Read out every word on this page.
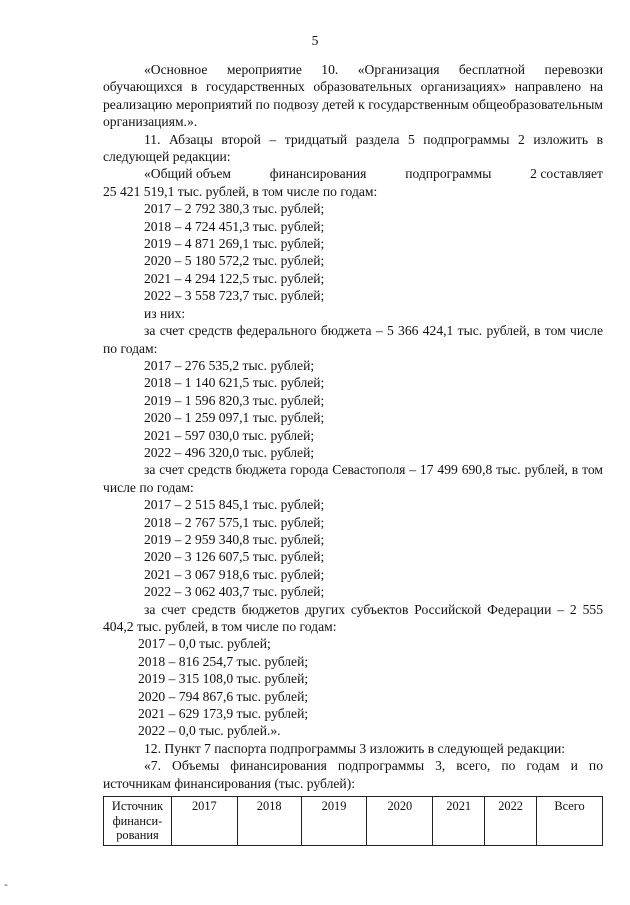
5
«Основное мероприятие 10. «Организация бесплатной перевозки обучающихся в государственных образовательных организациях» направлено на реализацию мероприятий по подвозу детей к государственным общеобразовательным организациям.».
11. Абзацы второй – тридцатый раздела 5 подпрограммы 2 изложить в следующей редакции:
«Общий объем	финансирования	подпрограммы	2 составляет
25 421 519,1 тыс. рублей, в том числе по годам:
2017 – 2 792 380,3 тыс. рублей;
2018 – 4 724 451,3 тыс. рублей;
2019 – 4 871 269,1 тыс. рублей;
2020 – 5 180 572,2 тыс. рублей;
2021 – 4 294 122,5 тыс. рублей;
2022 – 3 558 723,7 тыс. рублей;
из них:
за счет средств федерального бюджета – 5 366 424,1 тыс. рублей, в том числе по годам:
2017 – 276 535,2 тыс. рублей;
2018 – 1 140 621,5 тыс. рублей;
2019 – 1 596 820,3 тыс. рублей;
2020 – 1 259 097,1 тыс. рублей;
2021 – 597 030,0 тыс. рублей;
2022 – 496 320,0 тыс. рублей;
за счет средств бюджета города Севастополя – 17 499 690,8 тыс. рублей, в том числе по годам:
2017 – 2 515 845,1 тыс. рублей;
2018 – 2 767 575,1 тыс. рублей;
2019 – 2 959 340,8 тыс. рублей;
2020 – 3 126 607,5 тыс. рублей;
2021 – 3 067 918,6 тыс. рублей;
2022 – 3 062 403,7 тыс. рублей;
за счет средств бюджетов других субъектов Российской Федерации – 2 555 404,2 тыс. рублей, в том числе по годам:
2017 – 0,0 тыс. рублей;
2018 – 816 254,7 тыс. рублей;
2019 – 315 108,0 тыс. рублей;
2020 – 794 867,6 тыс. рублей;
2021 – 629 173,9 тыс. рублей;
2022 – 0,0 тыс. рублей.».
12. Пункт 7 паспорта подпрограммы 3 изложить в следующей редакции:
«7. Объемы финансирования подпрограммы 3, всего, по годам и по источникам финансирования (тыс. рублей):
Источник финанси-рования	2017	2018	2019	2020	2021	2022	Всего
-
